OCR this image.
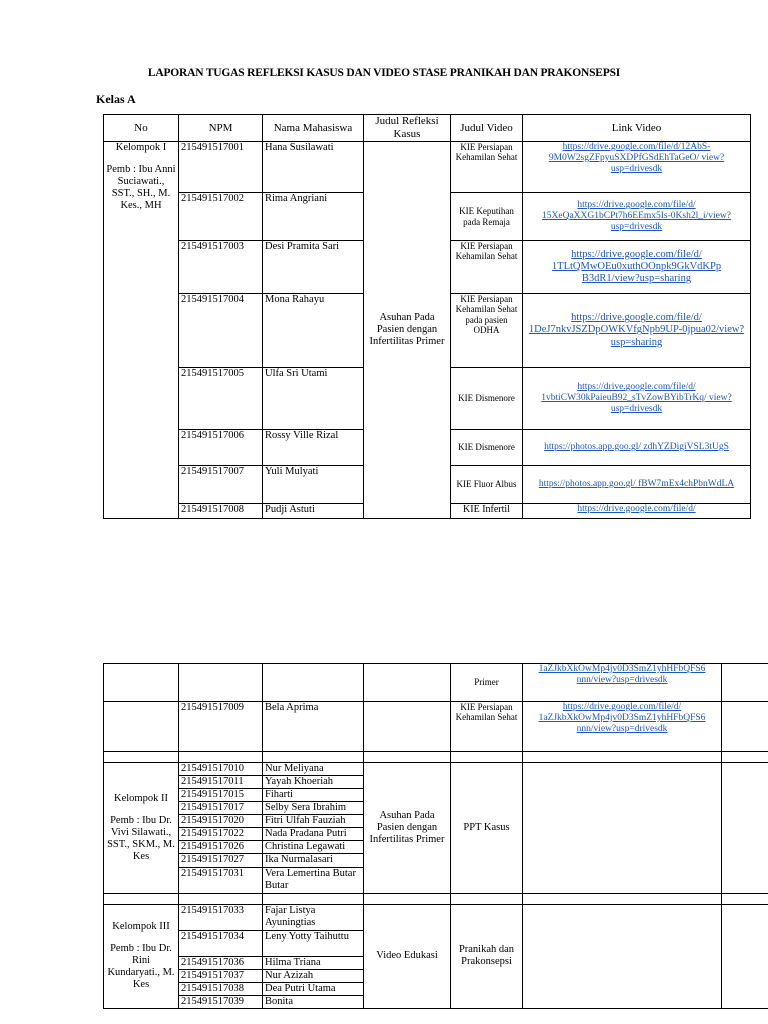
LAPORAN TUGAS REFLEKSI KASUS DAN VIDEO STASE PRANIKAH DAN PRAKONSEPSI
Kelas A
No	NPM	Nama Mahasiswa	Judul Refleksi Kasus	Judul Video	Link Video
Kelompok I
Pemb : Ibu Anni Suciawati., SST., SH., M. Kes., MH	215491517001	Hana Susilawati	Asuhan Pada Pasien dengan Infertilitas Primer	KIE Persiapan Kehamilan Sehat	https://drive.google.com/file/d/12AbS-9M0W2sgZFpyuSXDPfGSdEhTaGeO/ view?usp=drivesdk
	215491517002	Rima Angriani		KIE Keputihan pada Remaja	https://drive.google.com/file/d/ 15XeQaXXG1bCPt7h6EEmx5Is-0Ksh2l_i/view?usp=drivesdk
	215491517003	Desi Pramita Sari		KIE Persiapan Kehamilan Sehat	https://drive.google.com/file/d/ 1TLtQMwOEu0xuthOOnpk9GkVdKPp B3dR1/view?usp=sharing
	215491517004	Mona Rahayu		KIE Persiapan Kehamilan Sehat pada pasien ODHA	https://drive.google.com/file/d/ 1DeJ7nkvJSZDpOWKVfgNpb9UP-0jpua02/view?usp=sharing
	215491517005	Ulfa Sri Utami		KIE Dismenore	https://drive.google.com/file/d/ 1vbtiCW30kPaieuB92_sTvZowBYibTrKq/ view?usp=drivesdk
	215491517006	Rossy Ville Rizal		KIE Dismenore	https://photos.app.goo.gl/ zdhYZDigiVSL3tUgS
	215491517007	Yuli Mulyati		KIE Fluor Albus	https://photos.app.goo.gl/ fBW7mEx4chPbnWdLA
	215491517008	Pudji Astuti		KIE Infertil	https://drive.google.com/file/d/
				Primer	1aZJkbXkOwMp4jv0D3SmZ1yhHFbQFS6 nnn/view?usp=drivesdk	
	215491517009	Bela Aprima		KIE Persiapan Kehamilan Sehat	https://drive.google.com/file/d/ 1aZJkbXkOwMp4jv0D3SmZ1yhHFbQFS6 nnn/view?usp=drivesdk	

Kelompok II
Pemb : Ibu Dr. Vivi Silawati., SST., SKM., M. Kes	215491517010	Nur Meliyana	Asuhan Pada Pasien dengan Infertilitas Primer	PPT Kasus		
	215491517011	Yayah Khoeriah				
	215491517015	Fiharti				
	215491517017	Selby Sera Ibrahim				
	215491517020	Fitri Ulfah Fauziah				
	215491517022	Nada Pradana Putri				
	215491517026	Christina Legawati				
	215491517027	Ika Nurmalasari				
	215491517031	Vera Lemertina Butar Butar				

Kelompok III
Pemb : Ibu Dr. Rini Kundaryati., M. Kes	215491517033	Fajar Listya Ayuningtias	Video Edukasi	Pranikah dan Prakonsepsi		
	215491517034	Leny Yotty Taihuttu				
	215491517036	Hilma Triana				
	215491517037	Nur Azizah				
	215491517038	Dea Putri Utama				
	215491517039	Bonita				
